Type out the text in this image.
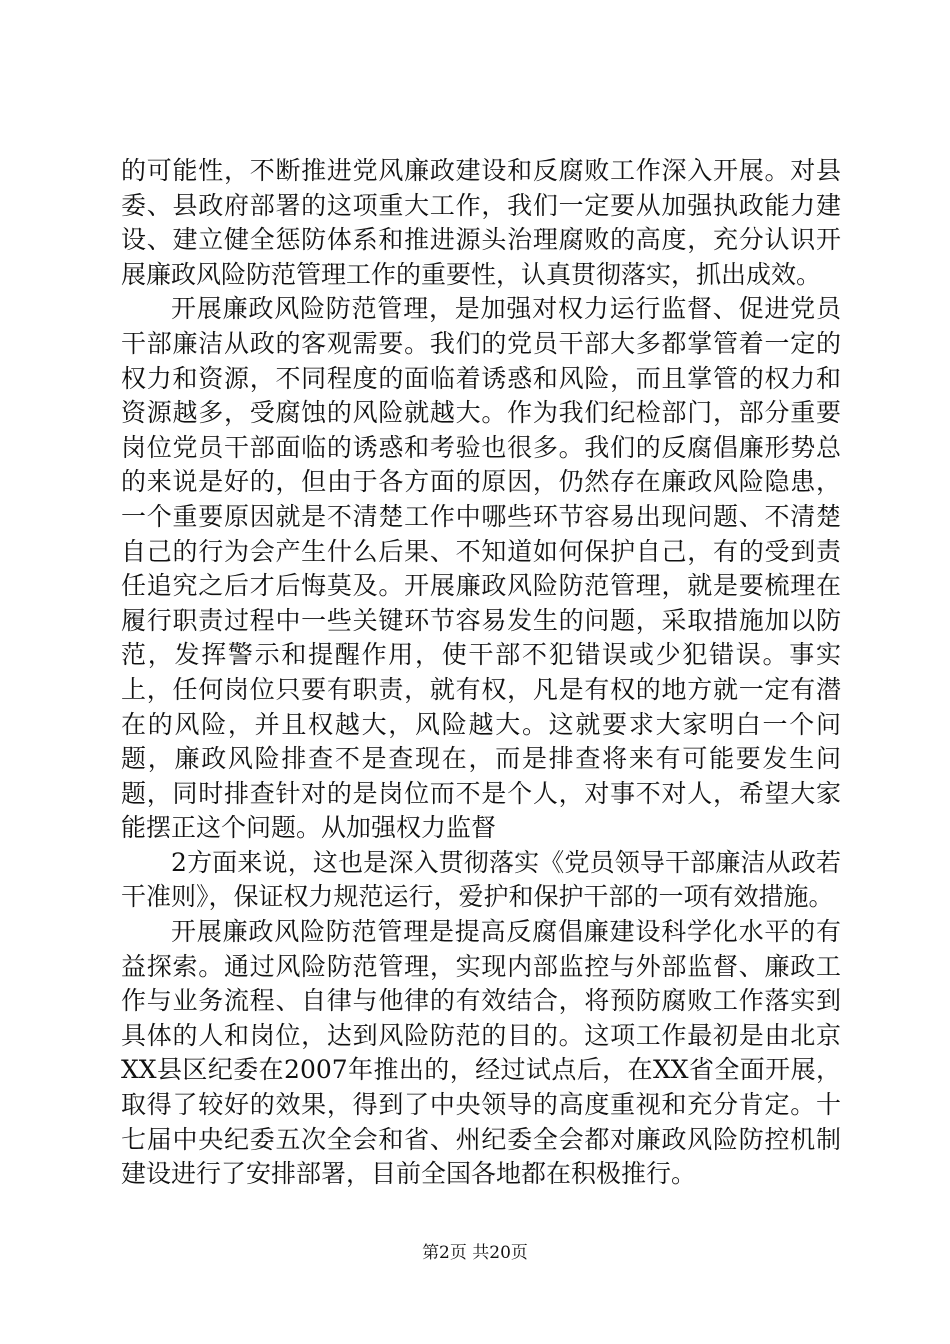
的可能性，不断推进党风廉政建设和反腐败工作深入开展。对县委、县政府部署的这项重大工作，我们一定要从加强执政能力建设、建立健全惩防体系和推进源头治理腐败的高度，充分认识开展廉政风险防范管理工作的重要性，认真贯彻落实，抓出成效。

开展廉政风险防范管理，是加强对权力运行监督、促进党员干部廉洁从政的客观需要。我们的党员干部大多都掌管着一定的权力和资源，不同程度的面临着诱惑和风险，而且掌管的权力和资源越多，受腐蚀的风险就越大。作为我们纪检部门，部分重要岗位党员干部面临的诱惑和考验也很多。我们的反腐倡廉形势总的来说是好的，但由于各方面的原因，仍然存在廉政风险隐患，一个重要原因就是不清楚工作中哪些环节容易出现问题、不清楚自己的行为会产生什么后果、不知道如何保护自己，有的受到责任追究之后才后悔莫及。开展廉政风险防范管理，就是要梳理在履行职责过程中一些关键环节容易发生的问题，采取措施加以防范，发挥警示和提醒作用，使干部不犯错误或少犯错误。事实上，任何岗位只要有职责，就有权，凡是有权的地方就一定有潜在的风险，并且权越大，风险越大。这就要求大家明白一个问题，廉政风险排查不是查现在，而是排查将来有可能要发生问题，同时排查针对的是岗位而不是个人，对事不对人，希望大家能摆正这个问题。从加强权力监督

2方面来说，这也是深入贯彻落实《党员领导干部廉洁从政若干准则》，保证权力规范运行，爱护和保护干部的一项有效措施。

开展廉政风险防范管理是提高反腐倡廉建设科学化水平的有益探索。通过风险防范管理，实现内部监控与外部监督、廉政工作与业务流程、自律与他律的有效结合，将预防腐败工作落实到具体的人和岗位，达到风险防范的目的。这项工作最初是由北京XX县区纪委在2007年推出的，经过试点后，在XX省全面开展，取得了较好的效果，得到了中央领导的高度重视和充分肯定。十七届中央纪委五次全会和省、州纪委全会都对廉政风险防控机制建设进行了安排部署，目前全国各地都在积极推行。

第2页 共20页
